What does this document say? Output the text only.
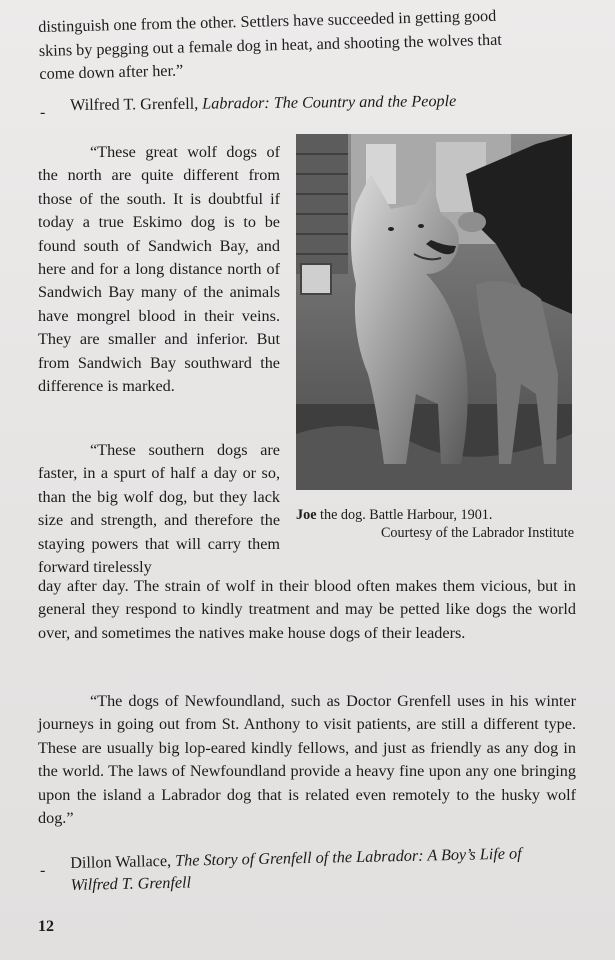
distinguish one from the other. Settlers have succeeded in getting good
skins by pegging out a female dog in heat, and shooting the wolves that
come down after her.”
- Wilfred T. Grenfell, Labrador: The Country and the People

“These great wolf dogs of the north are quite different from those of the south. It is doubtful if today a true Eskimo dog is to be found south of Sandwich Bay, and here and for a long distance north of Sandwich Bay many of the animals have mongrel blood in their veins. They are smaller and inferior. But from Sandwich Bay southward the difference is marked.

“These southern dogs are faster, in a spurt of half a day or so, than the big wolf dog, but they lack size and strength, and therefore the staying powers that will carry them forward tirelessly

Joe the dog. Battle Harbour, 1901.
Courtesy of the Labrador Institute

day after day. The strain of wolf in their blood often makes them vicious, but in general they respond to kindly treatment and may be petted like dogs the world over, and sometimes the natives make house dogs of their leaders.

“The dogs of Newfoundland, such as Doctor Grenfell uses in his winter journeys in going out from St. Anthony to visit patients, are still a different type. These are usually big lop-eared kindly fellows, and just as friendly as any dog in the world. The laws of Newfoundland provide a heavy fine upon any one bringing upon the island a Labrador dog that is related even remotely to the husky wolf dog.”

- Dillon Wallace, The Story of Grenfell of the Labrador: A Boy’s Life of
Wilfred T. Grenfell
12
